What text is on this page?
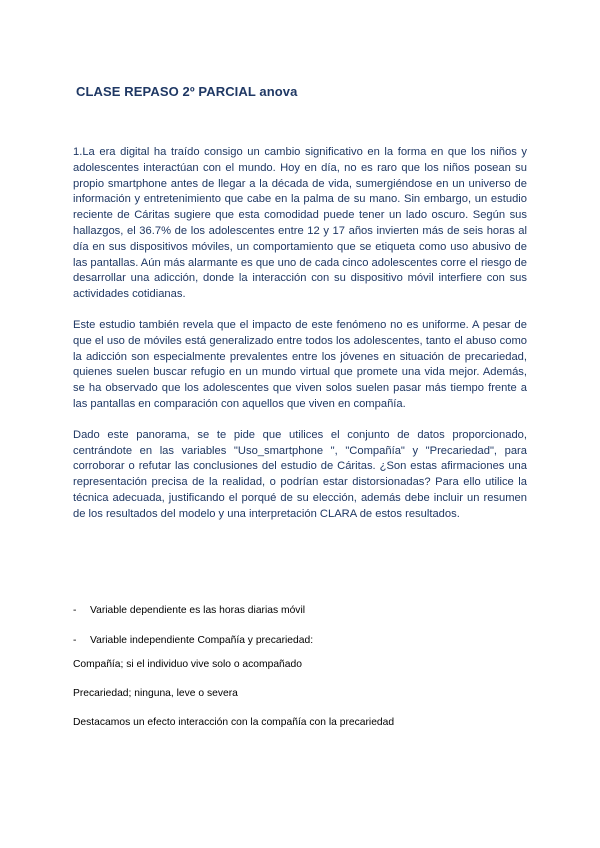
CLASE REPASO 2º PARCIAL anova

1.La era digital ha traído consigo un cambio significativo en la forma en que los niños y adolescentes interactúan con el mundo. Hoy en día, no es raro que los niños posean su propio smartphone antes de llegar a la década de vida, sumergiéndose en un universo de información y entretenimiento que cabe en la palma de su mano. Sin embargo, un estudio reciente de Cáritas sugiere que esta comodidad puede tener un lado oscuro. Según sus hallazgos, el 36.7% de los adolescentes entre 12 y 17 años invierten más de seis horas al día en sus dispositivos móviles, un comportamiento que se etiqueta como uso abusivo de las pantallas. Aún más alarmante es que uno de cada cinco adolescentes corre el riesgo de desarrollar una adicción, donde la interacción con su dispositivo móvil interfiere con sus actividades cotidianas.

Este estudio también revela que el impacto de este fenómeno no es uniforme. A pesar de que el uso de móviles está generalizado entre todos los adolescentes, tanto el abuso como la adicción son especialmente prevalentes entre los jóvenes en situación de precariedad, quienes suelen buscar refugio en un mundo virtual que promete una vida mejor. Además, se ha observado que los adolescentes que viven solos suelen pasar más tiempo frente a las pantallas en comparación con aquellos que viven en compañía.

Dado este panorama, se te pide que utilices el conjunto de datos proporcionado, centrándote en las variables "Uso_smartphone ", "Compañía" y "Precariedad", para corroborar o refutar las conclusiones del estudio de Cáritas. ¿Son estas afirmaciones una representación precisa de la realidad, o podrían estar distorsionadas? Para ello utilice la técnica adecuada, justificando el porqué de su elección, además debe incluir un resumen de los resultados del modelo y una interpretación CLARA de estos resultados.

-	Variable dependiente es las horas diarias móvil
-	Variable independiente Compañía y precariedad:

Compañía; si el individuo vive solo o acompañado

Precariedad; ninguna, leve o severa

Destacamos un efecto interacción con la compañía con la precariedad
